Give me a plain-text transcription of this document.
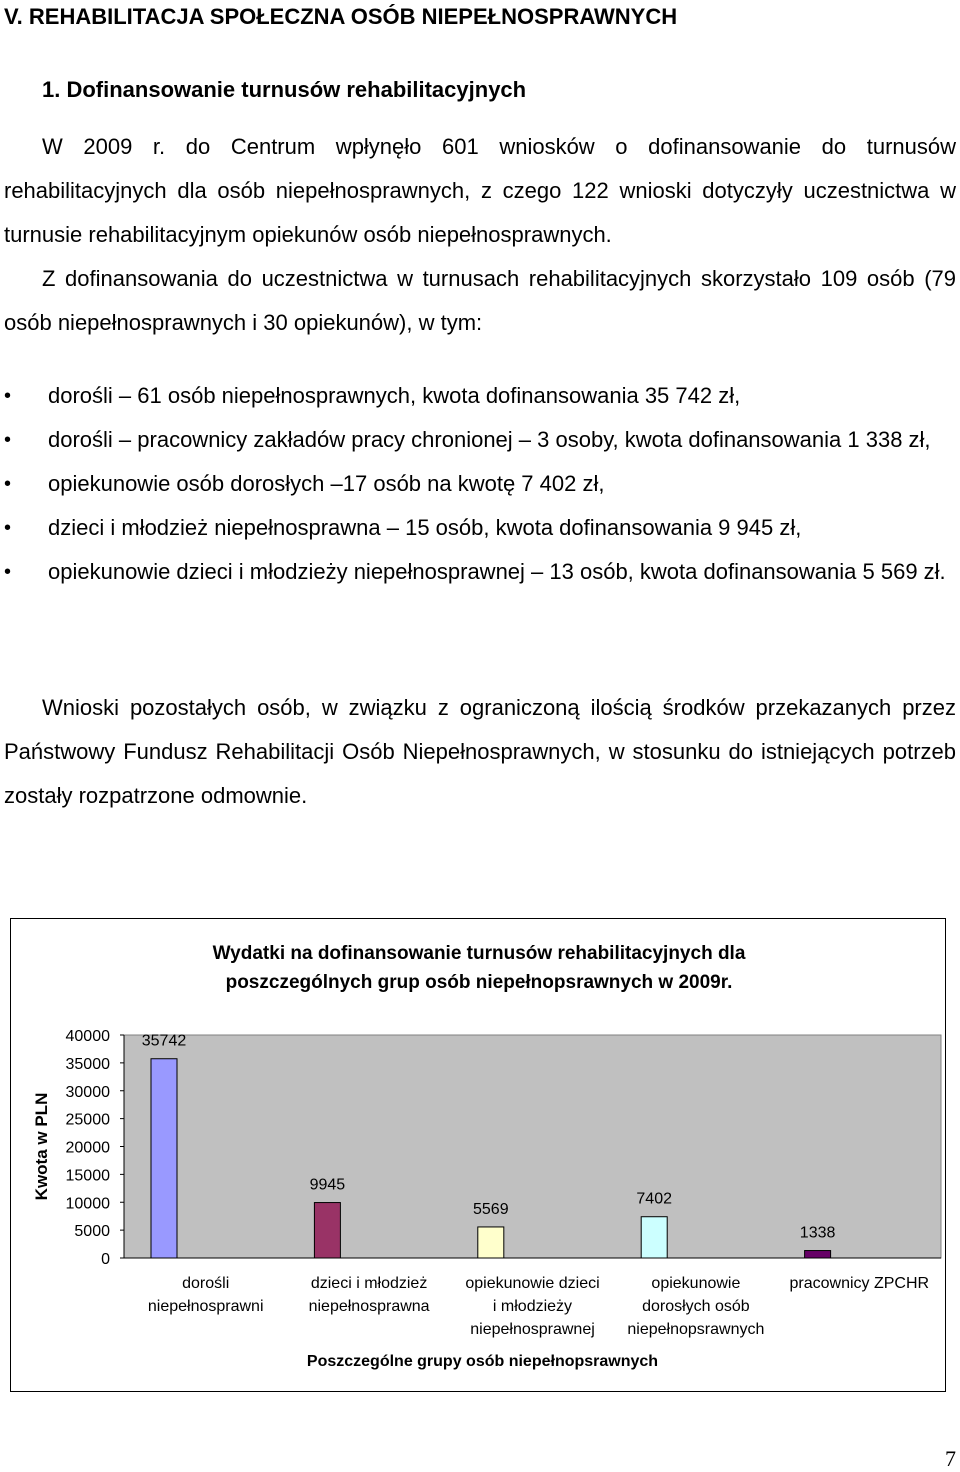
V. REHABILITACJA SPOŁECZNA OSÓB NIEPEŁNOSPRAWNYCH
1. Dofinansowanie turnusów rehabilitacyjnych

W 2009 r. do Centrum wpłynęło 601 wniosków o dofinansowanie do turnusów rehabilitacyjnych dla osób niepełnosprawnych, z czego 122 wnioski dotyczyły uczestnictwa w turnusie rehabilitacyjnym opiekunów osób niepełnosprawnych.

Z dofinansowania do uczestnictwa w turnusach rehabilitacyjnych skorzystało 109 osób (79 osób niepełnosprawnych i 30 opiekunów), w tym:

• dorośli – 61 osób niepełnosprawnych, kwota dofinansowania 35 742 zł,
• dorośli – pracownicy zakładów pracy chronionej – 3 osoby, kwota dofinansowania 1 338 zł,
• opiekunowie osób dorosłych –17 osób na kwotę 7 402 zł,
• dzieci i młodzież niepełnosprawna – 15 osób, kwota dofinansowania 9 945 zł,
• opiekunowie dzieci i młodzieży niepełnosprawnej – 13 osób, kwota dofinansowania 5 569 zł.

Wnioski pozostałych osób, w związku z ograniczoną ilością środków przekazanych przez Państwowy Fundusz Rehabilitacji Osób Niepełnosprawnych, w stosunku do istniejących potrzeb zostały rozpatrzone odmownie.

Wydatki na dofinansowanie turnusów rehabilitacyjnych dla
poszczególnych grup osób niepełnopsrawnych w 2009r.
0
5000
10000
15000
20000
25000
30000
35000
40000
Kwota w PLN
35742
dorośli
niepełnosprawni
9945
dzieci i młodzież
niepełnosprawna
5569
opiekunowie dzieci
i młodzieży
niepełnosprawnej
7402
opiekunowie
dorosłych osób
niepełnopsrawnych
1338
pracownicy ZPCHR
Poszczególne grupy osób niepełnopsrawnych
7
